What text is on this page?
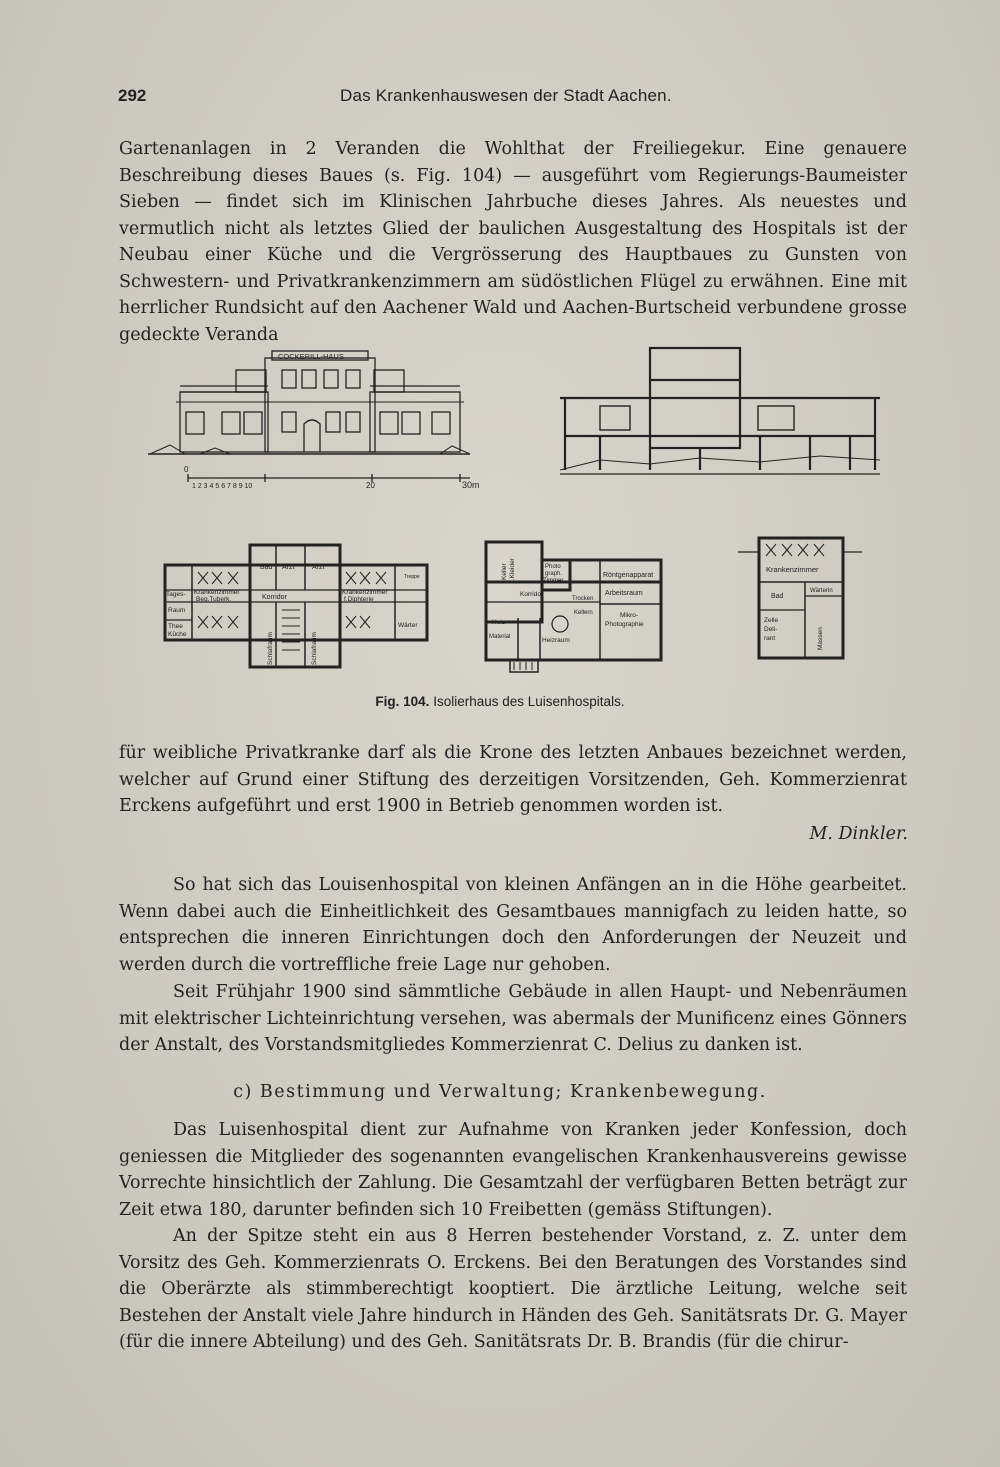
292	Das Krankenhauswesen der Stadt Aachen.

Gartenanlagen in 2 Veranden die Wohlthat der Freiliegekur. Eine genauere Beschreibung dieses Baues (s. Fig. 104) — ausgeführt vom Regierungs-Baumeister Sieben — findet sich im Klinischen Jahrbuche dieses Jahres. Als neuestes und vermutlich nicht als letztes Glied der baulichen Ausgestaltung des Hospitals ist der Neubau einer Küche und die Vergrösserung des Hauptbaues zu Gunsten von Schwestern- und Privatkrankenzimmern am südöstlichen Flügel zu erwähnen. Eine mit herrlicher Rundsicht auf den Aachener Wald und Aachen-Burtscheid verbundene grosse gedeckte Veranda

COCKERILL-HAUS
0
1 2 3 4 5 6 7 8 9 10	20	30m
Bad Arzt	Arzt
Korridor
Tages-
Raum
Thee
Küche
Krankenzimmer
Beg.Tuberk.
Krankenzimmer
f.Diphterie
Schlafraum	Schlafraum
Wärter
Treppe	Keller f.Kleider	Photo
graph.
Zimmer
Röntgenapparat
Arbeitsraum
Korridor
Trocken
Kellern	Mikro-
Photographie
Heiz-
Material	Heizraum
Krankenzimmer
Bad
Wärterin
Zelle
Deli-
rant	Massen
Fig. 104. Isolierhaus des Luisenhospitals.

für weibliche Privatkranke darf als die Krone des letzten Anbaues bezeichnet werden, welcher auf Grund einer Stiftung des derzeitigen Vorsitzenden, Geh. Kommerzienrat Erckens aufgeführt und erst 1900 in Betrieb genommen worden ist.

M. Dinkler.

So hat sich das Louisenhospital von kleinen Anfängen an in die Höhe gearbeitet. Wenn dabei auch die Einheitlichkeit des Gesamtbaues mannigfach zu leiden hatte, so entsprechen die inneren Einrichtungen doch den Anforderungen der Neuzeit und werden durch die vortreffliche freie Lage nur gehoben.

Seit Frühjahr 1900 sind sämmtliche Gebäude in allen Haupt- und Nebenräumen mit elektrischer Lichteinrichtung versehen, was abermals der Munificenz eines Gönners der Anstalt, des Vorstandsmitgliedes Kommerzienrat C. Delius zu danken ist.

c) Bestimmung und Verwaltung; Krankenbewegung.

Das Luisenhospital dient zur Aufnahme von Kranken jeder Konfession, doch geniessen die Mitglieder des sogenannten evangelischen Krankenhausvereins gewisse Vorrechte hinsichtlich der Zahlung. Die Gesamtzahl der verfügbaren Betten beträgt zur Zeit etwa 180, darunter befinden sich 10 Freibetten (gemäss Stiftungen).

An der Spitze steht ein aus 8 Herren bestehender Vorstand, z. Z. unter dem Vorsitz des Geh. Kommerzienrats O. Erckens. Bei den Beratungen des Vorstandes sind die Oberärzte als stimmberechtigt kooptiert. Die ärztliche Leitung, welche seit Bestehen der Anstalt viele Jahre hindurch in Händen des Geh. Sanitätsrats Dr. G. Mayer (für die innere Abteilung) und des Geh. Sanitätsrats Dr. B. Brandis (für die chirur-
